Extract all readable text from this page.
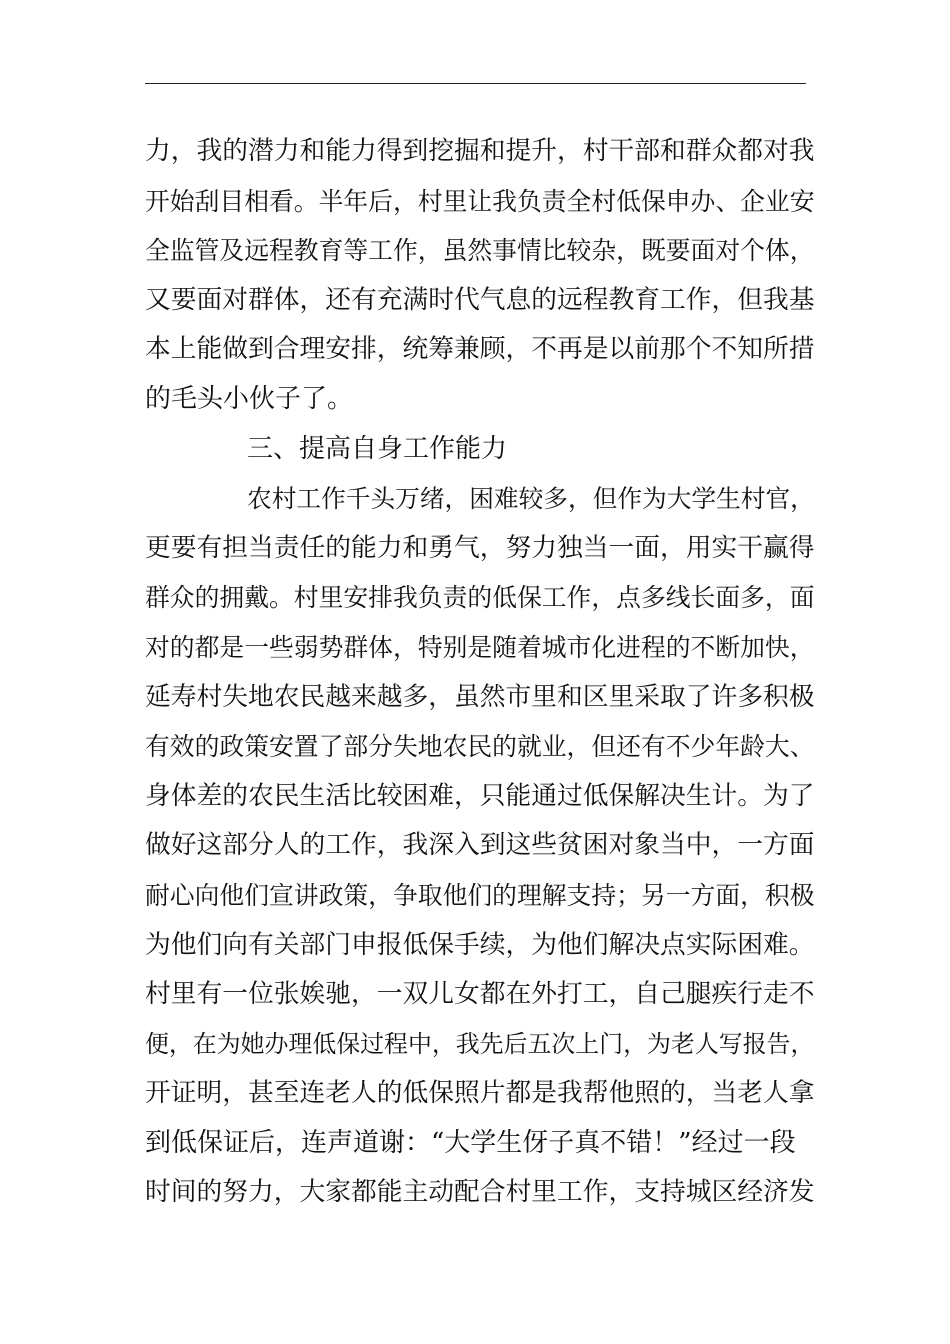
力，我的潜力和能力得到挖掘和提升，村干部和群众都对我
开始刮目相看。半年后，村里让我负责全村低保申办、企业安
全监管及远程教育等工作，虽然事情比较杂，既要面对个体，
又要面对群体，还有充满时代气息的远程教育工作，但我基
本上能做到合理安排，统筹兼顾，不再是以前那个不知所措
的毛头小伙子了。
三、提高自身工作能力
农村工作千头万绪，困难较多，但作为大学生村官，
更要有担当责任的能力和勇气，努力独当一面，用实干赢得
群众的拥戴。村里安排我负责的低保工作，点多线长面多，面
对的都是一些弱势群体，特别是随着城市化进程的不断加快，
延寿村失地农民越来越多，虽然市里和区里采取了许多积极
有效的政策安置了部分失地农民的就业，但还有不少年龄大、
身体差的农民生活比较困难，只能通过低保解决生计。为了
做好这部分人的工作，我深入到这些贫困对象当中，一方面
耐心向他们宣讲政策，争取他们的理解支持；另一方面，积极
为他们向有关部门申报低保手续，为他们解决点实际困难。
村里有一位张娭驰，一双儿女都在外打工，自己腿疾行走不
便，在为她办理低保过程中，我先后五次上门，为老人写报告，
开证明，甚至连老人的低保照片都是我帮他照的，当老人拿
到低保证后，连声道谢：“大学生伢子真不错！”经过一段
时间的努力，大家都能主动配合村里工作，支持城区经济发
